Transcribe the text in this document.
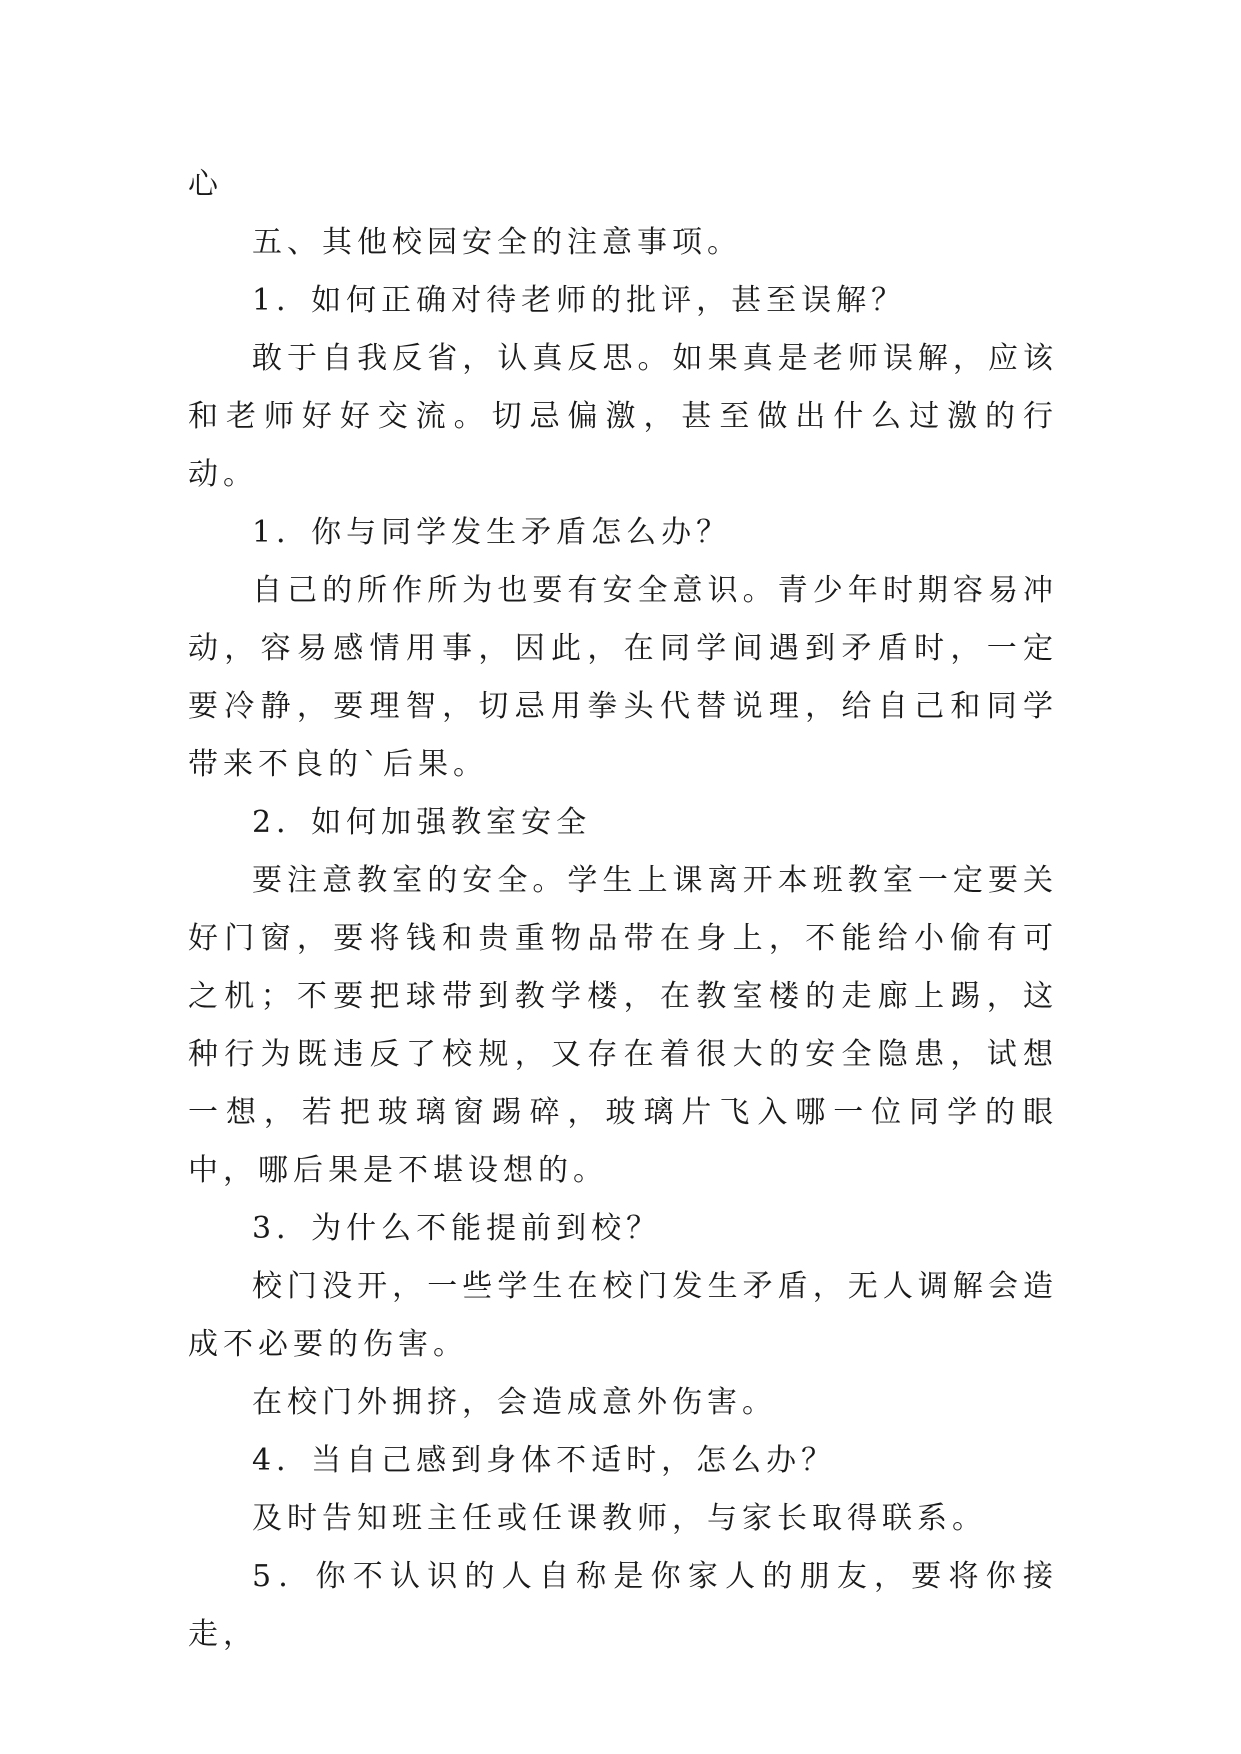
心

五、其他校园安全的注意事项。

1．如何正确对待老师的批评，甚至误解？

敢于自我反省，认真反思。如果真是老师误解，应该和老师好好交流。切忌偏激，甚至做出什么过激的行动。

1．你与同学发生矛盾怎么办？

自己的所作所为也要有安全意识。青少年时期容易冲动，容易感情用事，因此，在同学间遇到矛盾时，一定要冷静，要理智，切忌用拳头代替说理，给自己和同学带来不良的`后果。

2．如何加强教室安全

要注意教室的安全。学生上课离开本班教室一定要关好门窗，要将钱和贵重物品带在身上，不能给小偷有可之机；不要把球带到教学楼，在教室楼的走廊上踢，这种行为既违反了校规，又存在着很大的安全隐患，试想一想，若把玻璃窗踢碎，玻璃片飞入哪一位同学的眼中，哪后果是不堪设想的。

3．为什么不能提前到校？

校门没开，一些学生在校门发生矛盾，无人调解会造成不必要的伤害。

在校门外拥挤，会造成意外伤害。

4．当自己感到身体不适时，怎么办？

及时告知班主任或任课教师，与家长取得联系。

5．你不认识的人自称是你家人的朋友，要将你接走，
